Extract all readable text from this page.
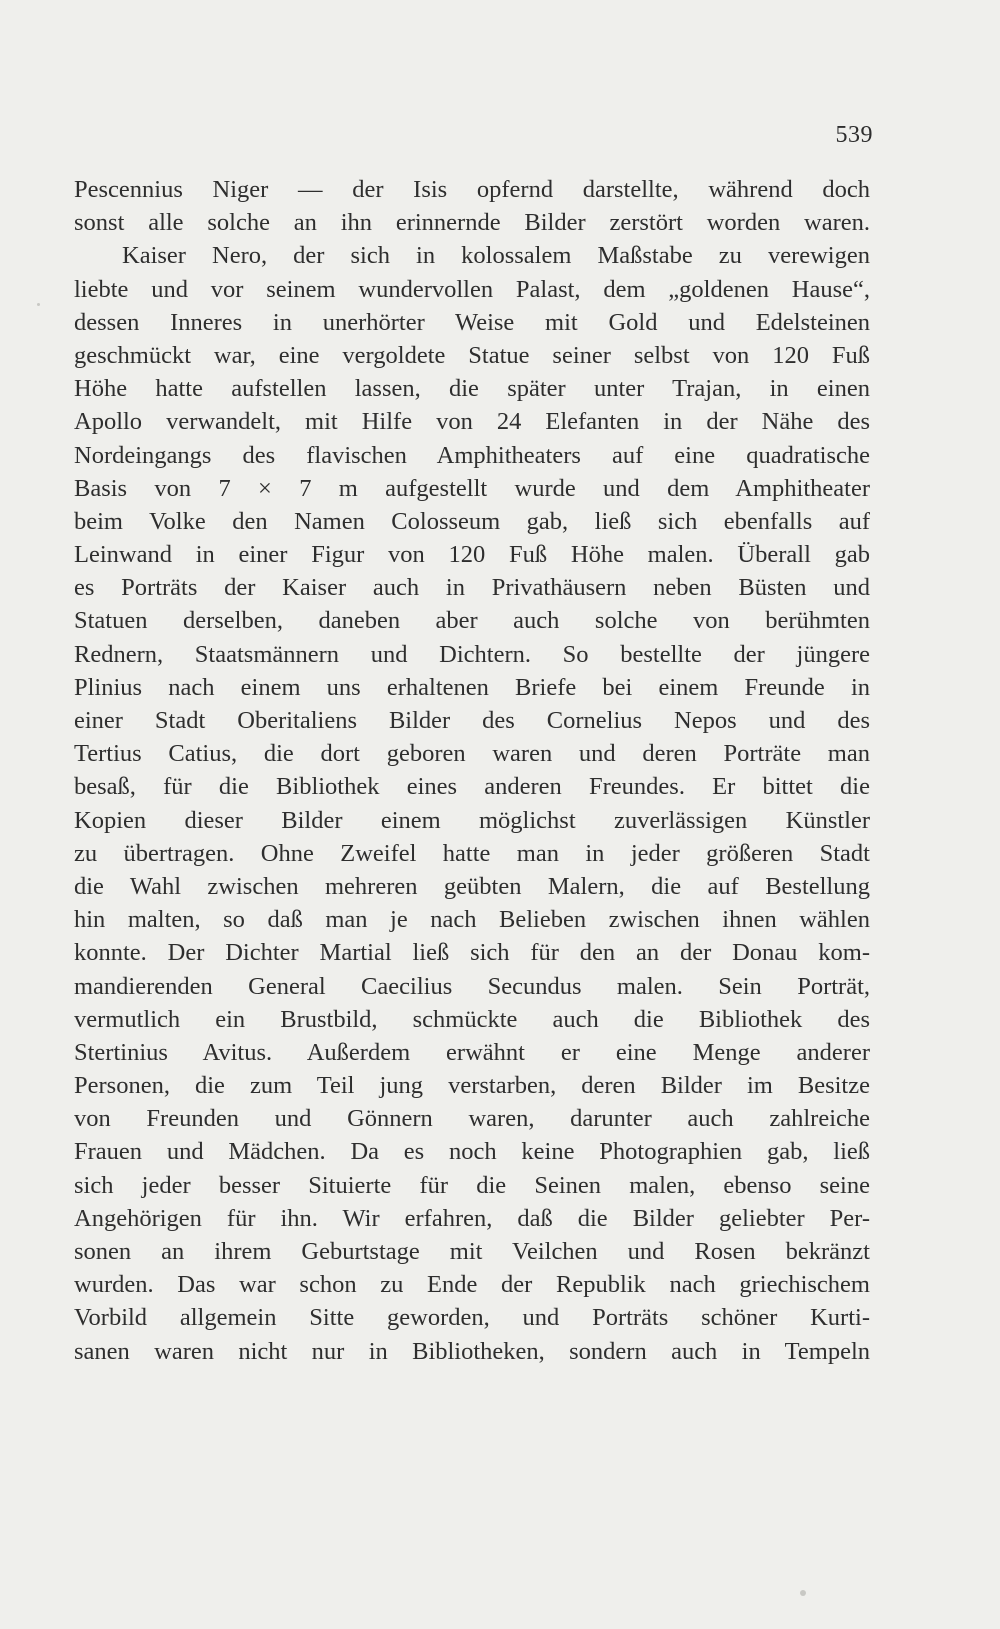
539
Pescennius Niger — der Isis opfernd darstellte, während doch
sonst alle solche an ihn erinnernde Bilder zerstört worden waren.
Kaiser Nero, der sich in kolossalem Maßstabe zu verewigen
liebte und vor seinem wundervollen Palast, dem „goldenen Hause“,
dessen Inneres in unerhörter Weise mit Gold und Edelsteinen
geschmückt war, eine vergoldete Statue seiner selbst von 120 Fuß
Höhe hatte aufstellen lassen, die später unter Trajan, in einen
Apollo verwandelt, mit Hilfe von 24 Elefanten in der Nähe des
Nordeingangs des flavischen Amphitheaters auf eine quadratische
Basis von 7 × 7 m aufgestellt wurde und dem Amphitheater
beim Volke den Namen Colosseum gab, ließ sich ebenfalls auf
Leinwand in einer Figur von 120 Fuß Höhe malen. Überall gab
es Porträts der Kaiser auch in Privathäusern neben Büsten und
Statuen derselben, daneben aber auch solche von berühmten
Rednern, Staatsmännern und Dichtern. So bestellte der jüngere
Plinius nach einem uns erhaltenen Briefe bei einem Freunde in
einer Stadt Oberitaliens Bilder des Cornelius Nepos und des
Tertius Catius, die dort geboren waren und deren Porträte man
besaß, für die Bibliothek eines anderen Freundes. Er bittet die
Kopien dieser Bilder einem möglichst zuverlässigen Künstler
zu übertragen. Ohne Zweifel hatte man in jeder größeren Stadt
die Wahl zwischen mehreren geübten Malern, die auf Bestellung
hin malten, so daß man je nach Belieben zwischen ihnen wählen
konnte. Der Dichter Martial ließ sich für den an der Donau kom-
mandierenden General Caecilius Secundus malen. Sein Porträt,
vermutlich ein Brustbild, schmückte auch die Bibliothek des
Stertinius Avitus. Außerdem erwähnt er eine Menge anderer
Personen, die zum Teil jung verstarben, deren Bilder im Besitze
von Freunden und Gönnern waren, darunter auch zahlreiche
Frauen und Mädchen. Da es noch keine Photographien gab, ließ
sich jeder besser Situierte für die Seinen malen, ebenso seine
Angehörigen für ihn. Wir erfahren, daß die Bilder geliebter Per-
sonen an ihrem Geburtstage mit Veilchen und Rosen bekränzt
wurden. Das war schon zu Ende der Republik nach griechischem
Vorbild allgemein Sitte geworden, und Porträts schöner Kurti-
sanen waren nicht nur in Bibliotheken, sondern auch in Tempeln
